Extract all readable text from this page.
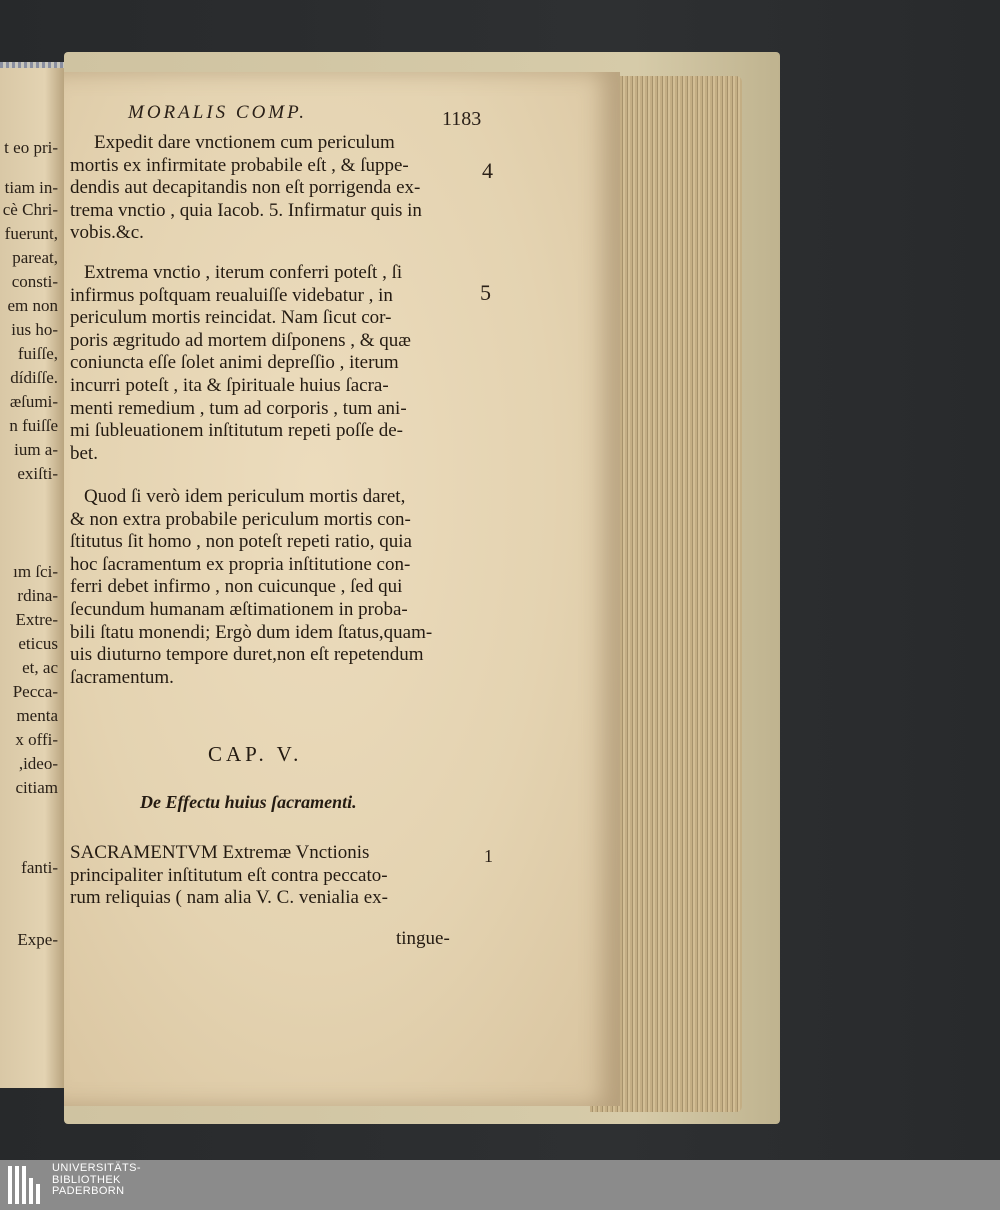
t eo pri-
tiam in-
cè Chri-
fuerunt,
pareat,
consti-
em non
ius ho-
fuiſſe,
dídiſſe.
æſumi-
n fuiſſe
ium a-
exiſti-
ım ſci-
rdina-
Extre-
eticus
et, ac
Pecca-
menta
x offi-
,ideo-
citiam
fanti-
Expe-
MORALIS COMP.	1183
Expedit dare vnctionem cum periculum
mortis ex infirmitate probabile eſt , & ſuppe-
dendis aut decapitandis non eſt porrigenda ex-
trema vnctio , quia Iacob. 5. Infirmatur quis in
vobis.&c.
4
Extrema vnctio , iterum conferri poteſt , ſi
infirmus poſtquam reualuiſſe videbatur , in
periculum mortis reincidat. Nam ſicut cor-
poris ægritudo ad mortem diſponens , & quæ
coniuncta eſſe ſolet animi depreſſio , iterum
incurri poteſt , ita & ſpirituale huius ſacra-
menti remedium , tum ad corporis , tum ani-
mi ſubleuationem inſtitutum repeti poſſe de-
bet.
5
Quod ſi verò idem periculum mortis daret,
& non extra probabile periculum mortis con-
ſtitutus ſit homo , non poteſt repeti ratio, quia
hoc ſacramentum ex propria inſtitutione con-
ferri debet infirmo , non cuicunque , ſed qui
ſecundum humanam æſtimationem in proba-
bili ſtatu monendi; Ergò dum idem ſtatus,quam-
uis diuturno tempore duret,non eſt repetendum
ſacramentum.
CAP. V.
De Effectu huius ſacramenti.
SACRAMENTVM Extremæ Vnctionis
principaliter inſtitutum eſt contra peccato-
rum reliquias ( nam alia V. C. venialia ex-
1
tingue-
UNIVERSITÄTS-
BIBLIOTHEK
PADERBORN
